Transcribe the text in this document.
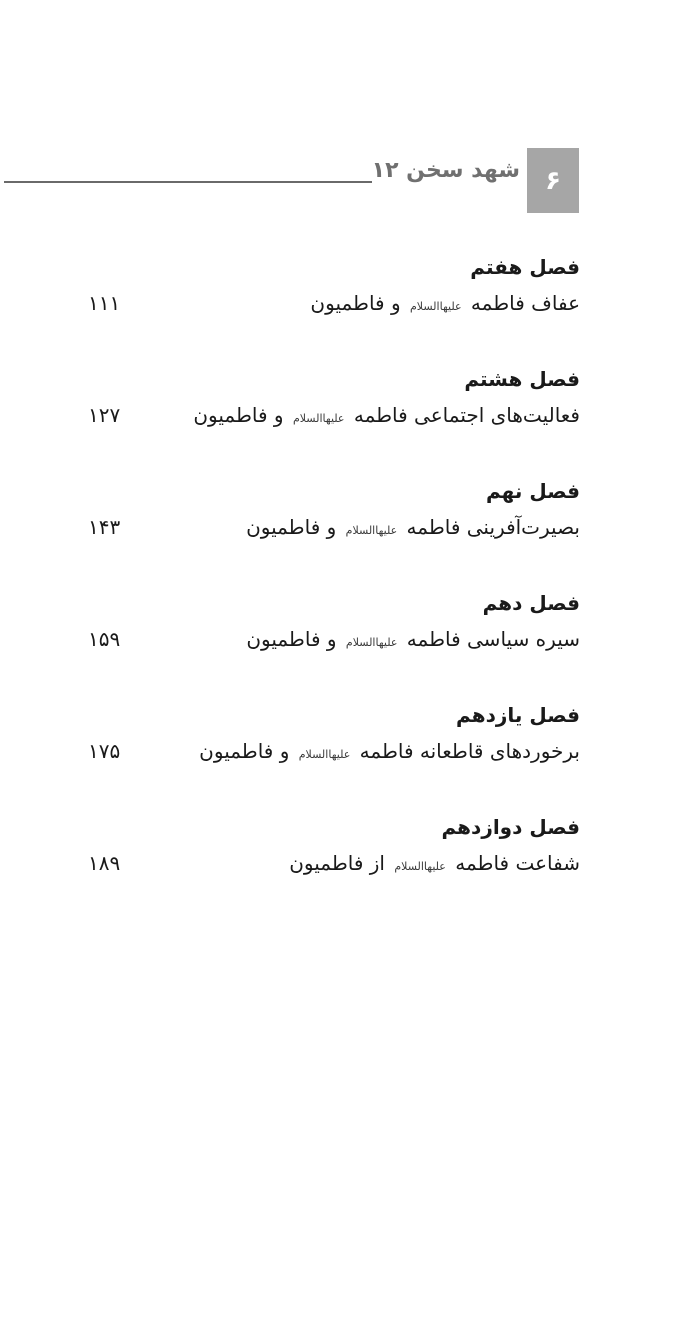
شهد سخن ۱۲ ۶
فصل هفتم
عفاف فاطمه علیهاالسلام و فاطمیون
۱۱۱
فصل هشتم
فعالیت‌های اجتماعی فاطمه علیهاالسلام و فاطمیون
۱۲۷
فصل نهم
بصیرت‌آفرینی فاطمه علیهاالسلام و فاطمیون
۱۴۳
فصل دهم
سیره سیاسی فاطمه علیهاالسلام و فاطمیون
۱۵۹
فصل یازدهم
برخوردهای قاطعانه فاطمه علیهاالسلام و فاطمیون
۱۷۵
فصل دوازدهم
شفاعت فاطمه علیهاالسلام از فاطمیون
۱۸۹
